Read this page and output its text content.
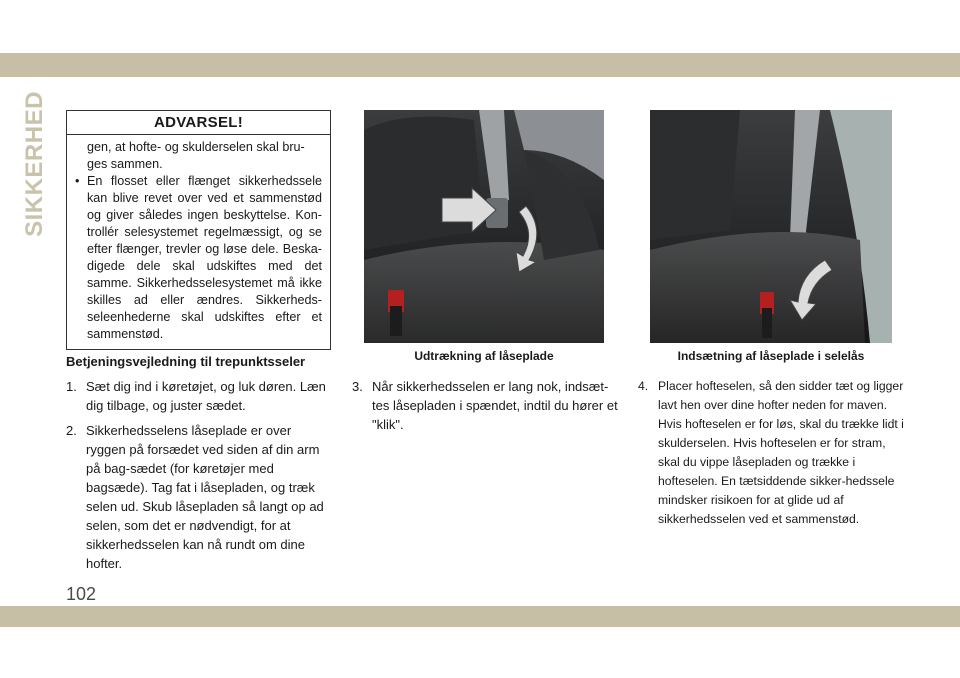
SIKKERHED
102
ADVARSEL!
gen, at hofte- og skulderselen skal bru-ges sammen.
• En flosset eller flænget sikkerhedssele kan blive revet over ved et sammenstød og giver således ingen beskyttelse. Kon-trollér selesystemet regelmæssigt, og se efter flænger, trevler og løse dele. Beska-digede dele skal udskiftes med det samme. Sikkerhedsselesystemet må ikke skilles ad eller ændres. Sikkerheds-seleenhederne skal udskiftes efter et sammenstød.
Betjeningsvejledning til trepunktsseler
1. Sæt dig ind i køretøjet, og luk døren. Læn dig tilbage, og juster sædet.
2. Sikkerhedsselens låseplade er over ryggen på forsædet ved siden af din arm på bag-sædet (for køretøjer med bagsæde). Tag fat i låsepladen, og træk selen ud. Skub låsepladen så langt op ad selen, som det er nødvendigt, for at sikkerhedsselen kan nå rundt om dine hofter.
3. Når sikkerhedsselen er lang nok, indsæt-tes låsepladen i spændet, indtil du hører et "klik".
4. Placer hofteselen, så den sidder tæt og ligger lavt hen over dine hofter neden for maven. Hvis hofteselen er for løs, skal du trække lidt i skulderselen. Hvis hofteselen er for stram, skal du vippe låsepladen og trække i hofteselen. En tætsiddende sikker-hedssele mindsker risikoen for at glide ud af sikkerhedsselen ved et sammenstød.
Udtrækning af låseplade	Indsætning af låseplade i selelås
